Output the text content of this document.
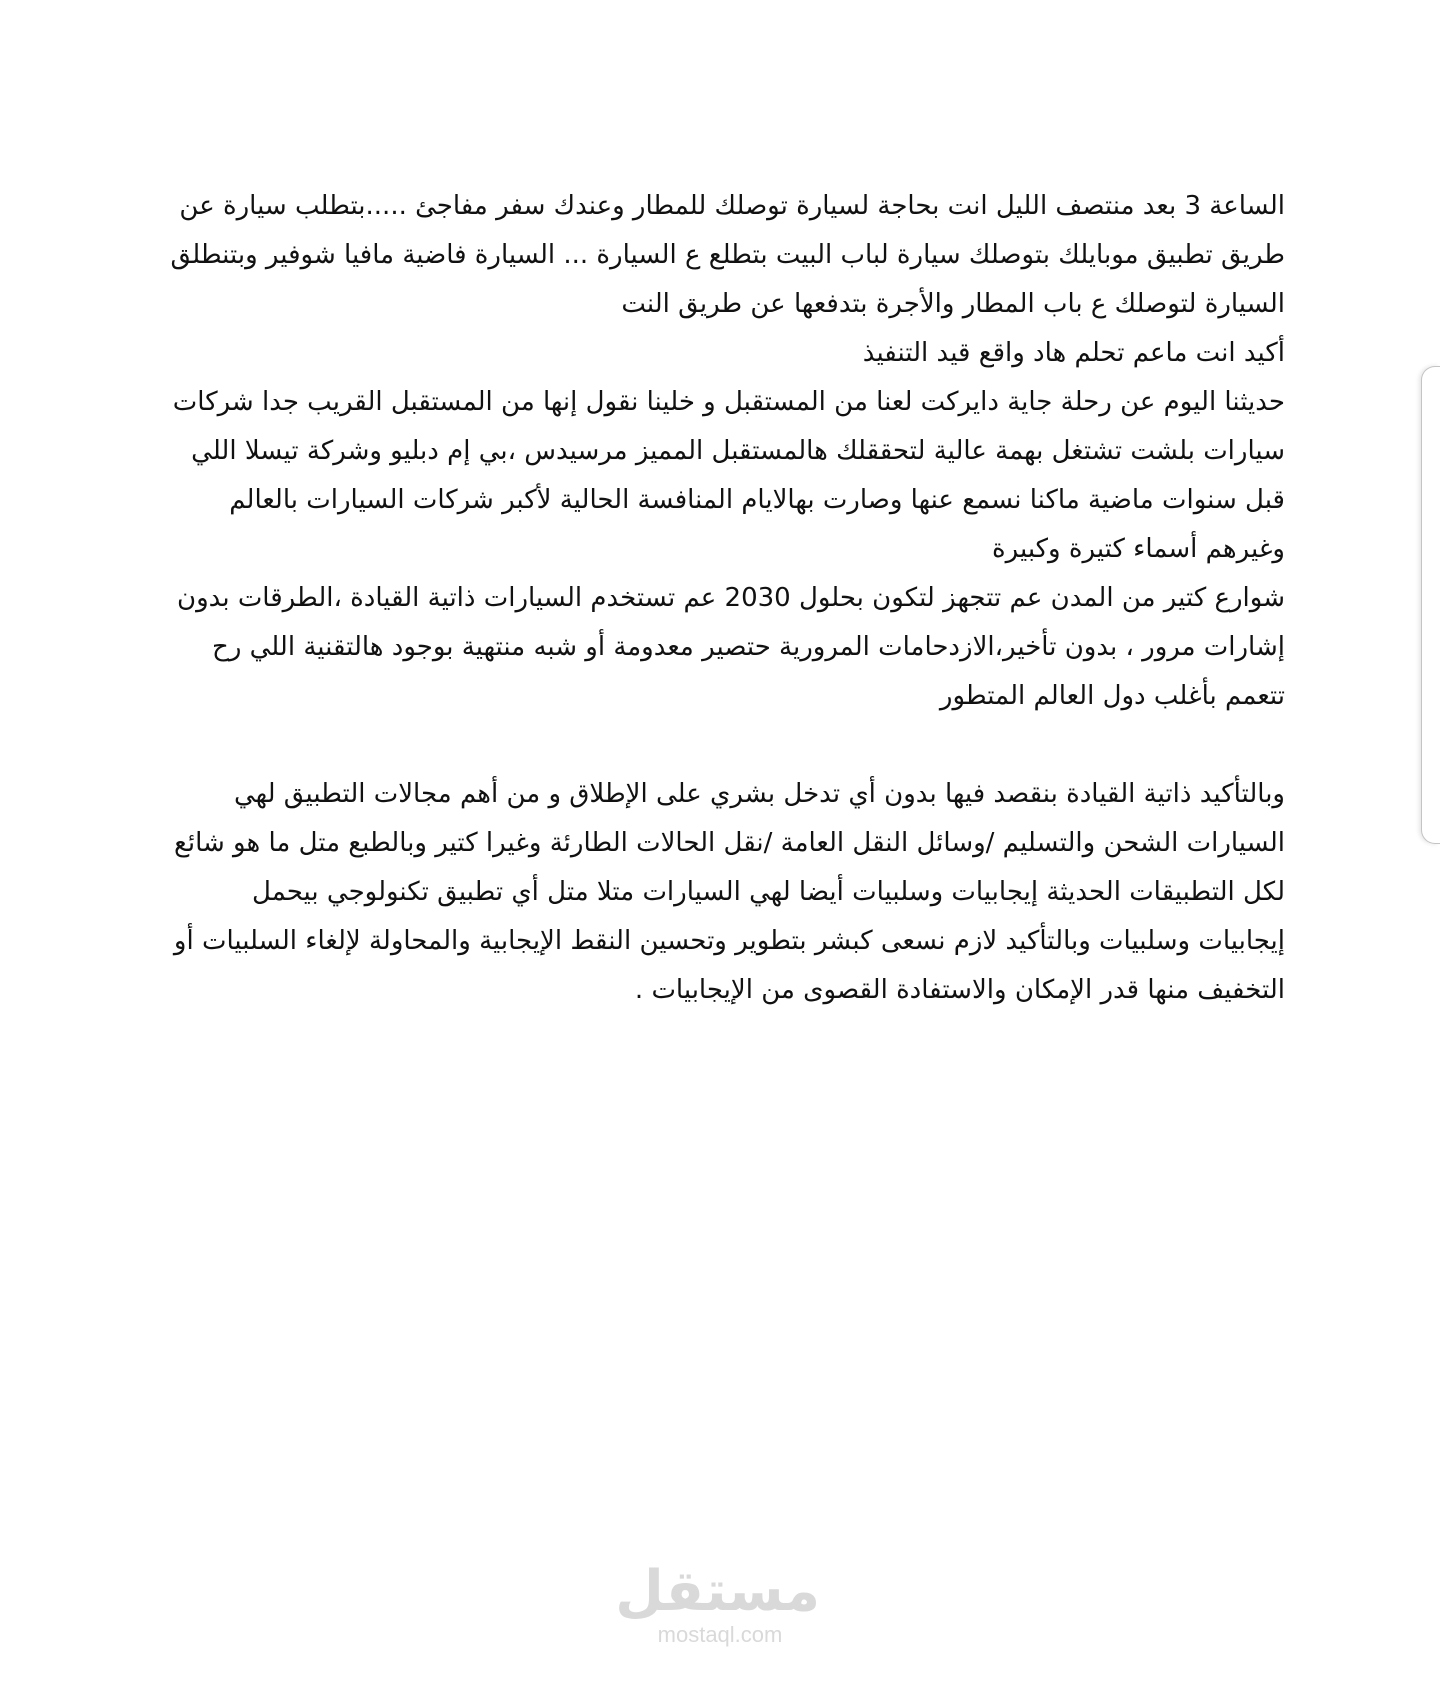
الساعة 3 بعد منتصف الليل انت بحاجة لسيارة توصلك للمطار وعندك سفر مفاجئ .....بتطلب سيارة عن طريق تطبيق موبايلك بتوصلك سيارة لباب البيت بتطلع ع السيارة ... السيارة فاضية مافيا شوفير وبتنطلق السيارة لتوصلك ع باب المطار والأجرة بتدفعها عن طريق النت

أكيد انت ماعم تحلم هاد واقع قيد التنفيذ

حديثنا اليوم عن رحلة جاية دايركت لعنا من المستقبل و خلينا نقول إنها من المستقبل القريب جدا شركات سيارات بلشت تشتغل بهمة عالية لتحققلك هالمستقبل المميز مرسيدس ،بي إم دبليو وشركة تيسلا اللي قبل سنوات ماضية ماكنا نسمع عنها وصارت بهالايام المنافسة الحالية لأكبر شركات السيارات بالعالم وغيرهم أسماء كتيرة وكبيرة

شوارع كتير من المدن عم تتجهز لتكون بحلول 2030 عم تستخدم السيارات ذاتية القيادة ،الطرقات بدون إشارات مرور ، بدون تأخير،الازدحامات المرورية حتصير معدومة أو شبه منتهية بوجود هالتقنية اللي رح تتعمم بأغلب دول العالم المتطور

وبالتأكيد ذاتية القيادة بنقصد فيها بدون أي تدخل بشري على الإطلاق و من أهم مجالات التطبيق لهي السيارات الشحن والتسليم /وسائل النقل العامة /نقل الحالات الطارئة وغيرا كتير وبالطبع متل ما هو شائع لكل التطبيقات الحديثة إيجابيات وسلبيات أيضا لهي السيارات متلا متل أي تطبيق تكنولوجي بيحمل إيجابيات وسلبيات وبالتأكيد لازم نسعى كبشر بتطوير وتحسين النقط الإيجابية والمحاولة لإلغاء السلبيات أو التخفيف منها قدر الإمكان والاستفادة القصوى من الإيجابيات .

مستقل
mostaql.com
